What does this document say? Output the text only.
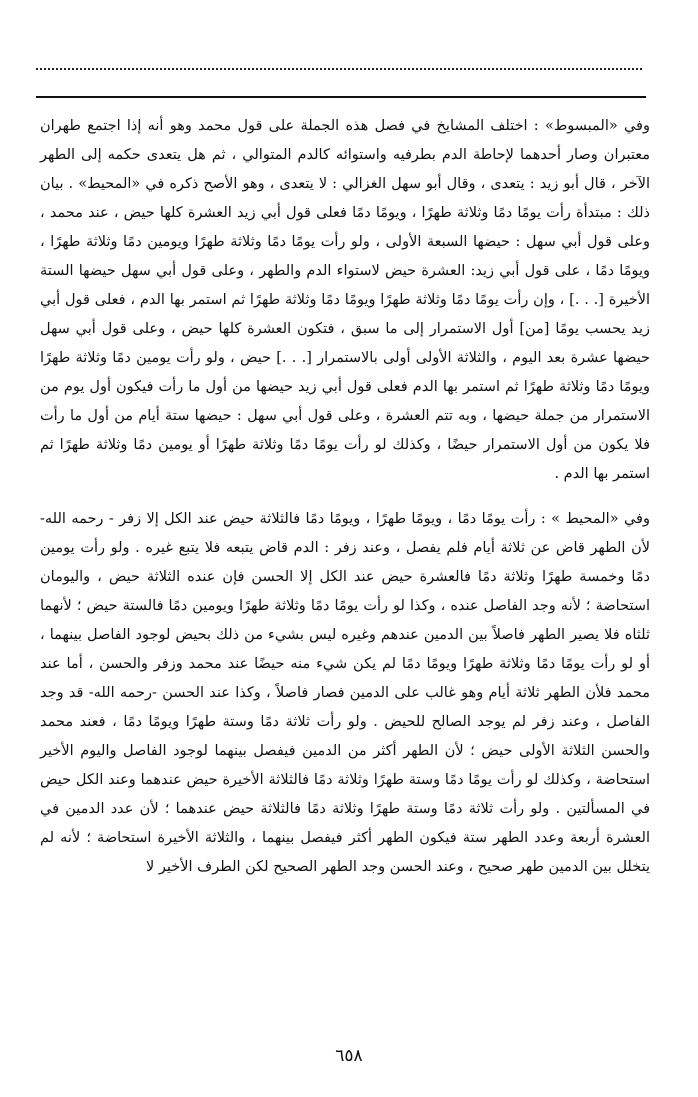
وفي «المبسوط» : اختلف المشايخ في فصل هذه الجملة على قول محمد وهو أنه إذا اجتمع طهران معتبران وصار أحدهما لإحاطة الدم بطرفيه واستوائه كالدم المتوالي ، ثم هل يتعدى حكمه إلى الطهر الآخر ، قال أبو زيد : يتعدى ، وقال أبو سهل الغزالي : لا يتعدى ، وهو الأصح ذكره في «المحيط» . بيان ذلك : مبتدأة رأت يومًا دمًا وثلاثة طهرًا ، ويومًا دمًا فعلى قول أبي زيد العشرة كلها حيض ، عند محمد ، وعلى قول أبي سهل : حيضها السبعة الأولى ، ولو رأت يومًا دمًا وثلاثة طهرًا ويومين دمًا وثلاثة طهرًا ، ويومًا دمًا ، على قول أبي زيد: العشرة حيض لاستواء الدم والطهر ، وعلى قول أبي سهل حيضها الستة الأخيرة [. . .] ، وإن رأت يومًا دمًا وثلاثة طهرًا ويومًا دمًا وثلاثة طهرًا ثم استمر بها الدم ، فعلى قول أبي زيد يحسب يومًا [من] أول الاستمرار إلى ما سبق ، فتكون العشرة كلها حيض ، وعلى قول أبي سهل حيضها عشرة بعد اليوم ، والثلاثة الأولى أولى بالاستمرار [. . .] حيض ، ولو رأت يومين دمًا وثلاثة طهرًا ويومًا دمًا وثلاثة طهرًا ثم استمر بها الدم فعلى قول أبي زيد حيضها من أول ما رأت فيكون أول يوم من الاستمرار من جملة حيضها ، وبه تتم العشرة ، وعلى قول أبي سهل : حيضها ستة أيام من أول ما رأت فلا يكون من أول الاستمرار حيضًا ، وكذلك لو رأت يومًا دمًا وثلاثة طهرًا أو يومين دمًا وثلاثة طهرًا ثم استمر بها الدم .

وفي «المحيط » : رأت يومًا دمًا ، ويومًا طهرًا ، ويومًا دمًا فالثلاثة حيض عند الكل إلا زفر - رحمه الله- لأن الطهر قاض عن ثلاثة أيام فلم يفصل ، وعند زفر : الدم قاض يتبعه فلا يتبع غيره . ولو رأت يومين دمًا وخمسة طهرًا وثلاثة دمًا فالعشرة حيض عند الكل إلا الحسن فإن عنده الثلاثة حيض ، واليومان استحاضة ؛ لأنه وجد الفاصل عنده ، وكذا لو رأت يومًا دمًا وثلاثة طهرًا ويومين دمًا فالستة حيض ؛ لأنهما ثلثاه فلا يصير الطهر فاصلاً بين الدمين عندهم وغيره ليس بشيء من ذلك بحيض لوجود الفاصل بينهما ، أو لو رأت يومًا دمًا وثلاثة طهرًا ويومًا دمًا لم يكن شيء منه حيضًا عند محمد وزفر والحسن ، أما عند محمد فلأن الطهر ثلاثة أيام وهو غالب على الدمين فصار فاصلاً ، وكذا عند الحسن -رحمه الله- قد وجد الفاصل ، وعند زفر لم يوجد الصالح للحيض . ولو رأت ثلاثة دمًا وستة طهرًا ويومًا دمًا ، فعند محمد والحسن الثلاثة الأولى حيض ؛ لأن الطهر أكثر من الدمين فيفصل بينهما لوجود الفاصل واليوم الأخير استحاضة ، وكذلك لو رأت يومًا دمًا وستة طهرًا وثلاثة دمًا فالثلاثة الأخيرة حيض عندهما وعند الكل حيض في المسألتين . ولو رأت ثلاثة دمًا وستة طهرًا وثلاثة دمًا فالثلاثة حيض عندهما ؛ لأن عدد الدمين في العشرة أربعة وعدد الطهر ستة فيكون الطهر أكثر فيفصل بينهما ، والثلاثة الأخيرة استحاضة ؛ لأنه لم يتخلل بين الدمين طهر صحيح ، وعند الحسن وجد الطهر الصحيح لكن الطرف الأخير لا

٦٥٨
